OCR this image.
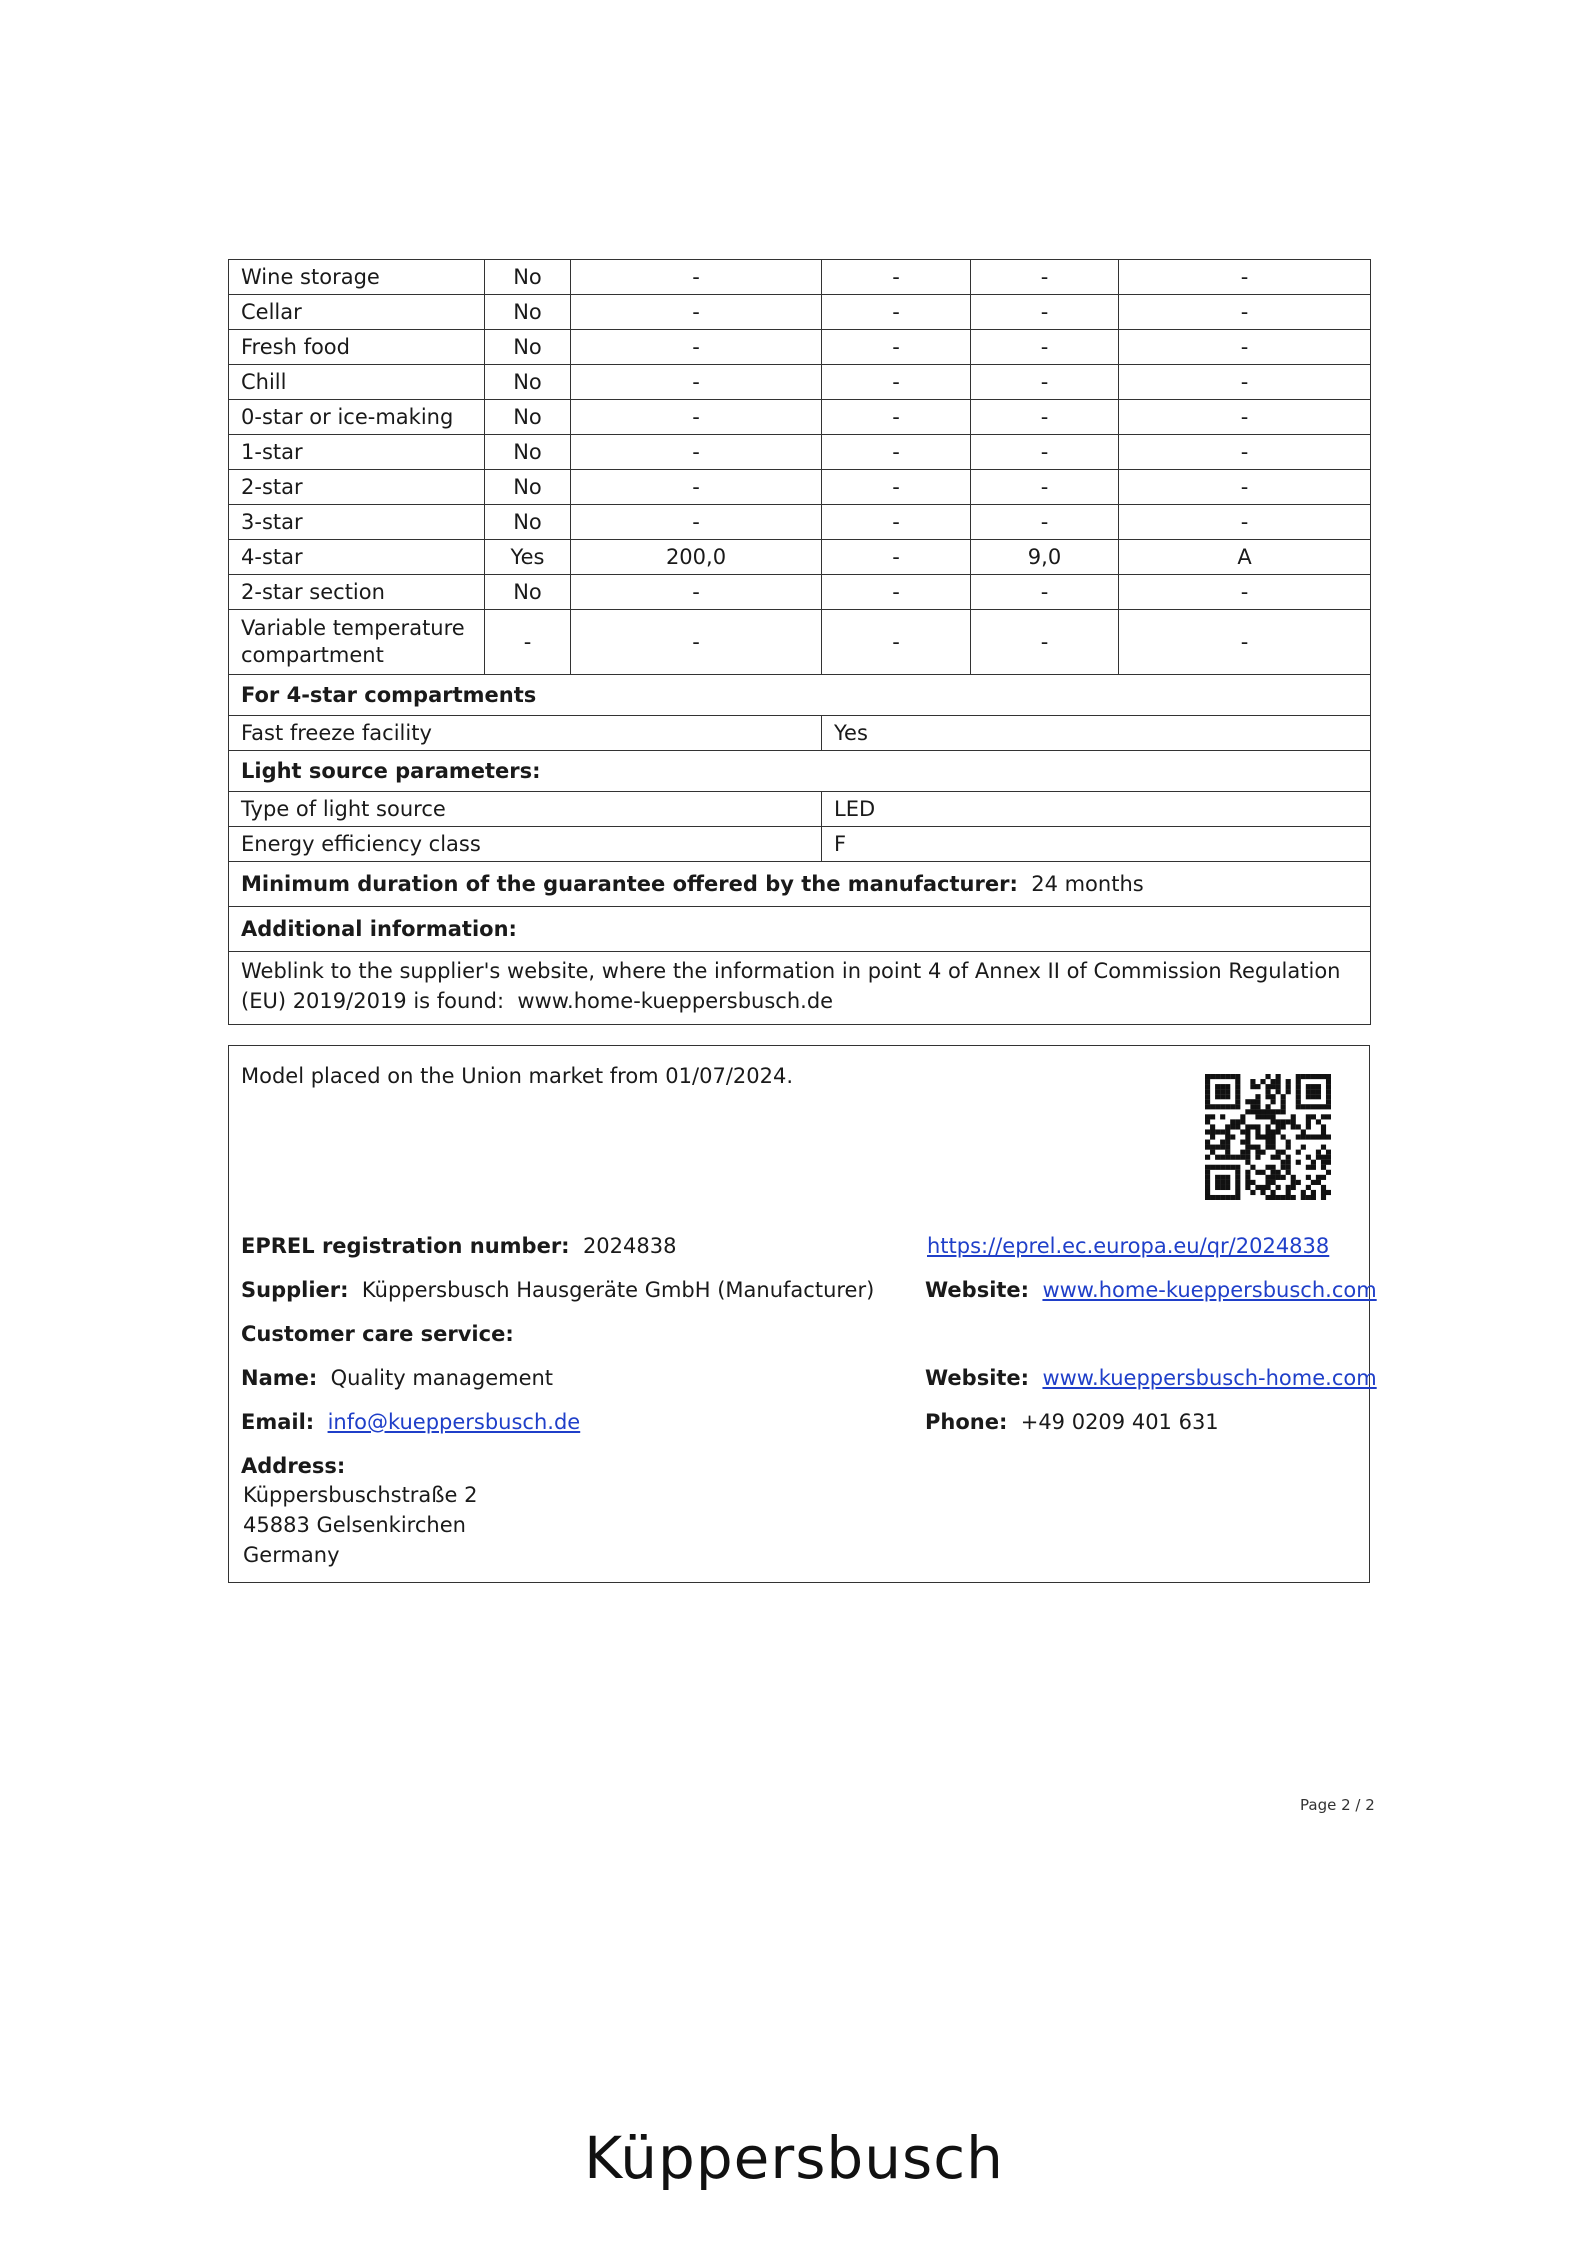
Wine storage	No	-	-	-	-
Cellar	No	-	-	-	-
Fresh food	No	-	-	-	-
Chill	No	-	-	-	-
0-star or ice-making	No	-	-	-	-
1-star	No	-	-	-	-
2-star	No	-	-	-	-
3-star	No	-	-	-	-
4-star	Yes	200,0	-	9,0	A
2-star section	No	-	-	-	-
Variable temperature compartment	-	-	-	-	-
For 4-star compartments					
Fast freeze facility			Yes		
Light source parameters:					
Type of light source			LED		
Energy efficiency class			F		
Minimum duration of the guarantee offered by the manufacturer: 24 months					
Additional information:					
Weblink to the supplier's website, where the information in point 4 of Annex II of Commission Regulation (EU) 2019/2019 is found: www.home-kueppersbusch.de					
Model placed on the Union market from 01/07/2024.
EPREL registration number: 2024838	https://eprel.ec.europa.eu/qr/2024838
Supplier: Küppersbusch Hausgeräte GmbH (Manufacturer) Website: www.home-kueppersbusch.com
Customer care service:
Name: Quality management	Website: www.kueppersbusch-home.com
Email: info@kueppersbusch.de	Phone: +49 0209 401 631
Address:
Küppersbuschstraße 2
45883 Gelsenkirchen
Germany
Page 2 / 2
Küppersbusch
